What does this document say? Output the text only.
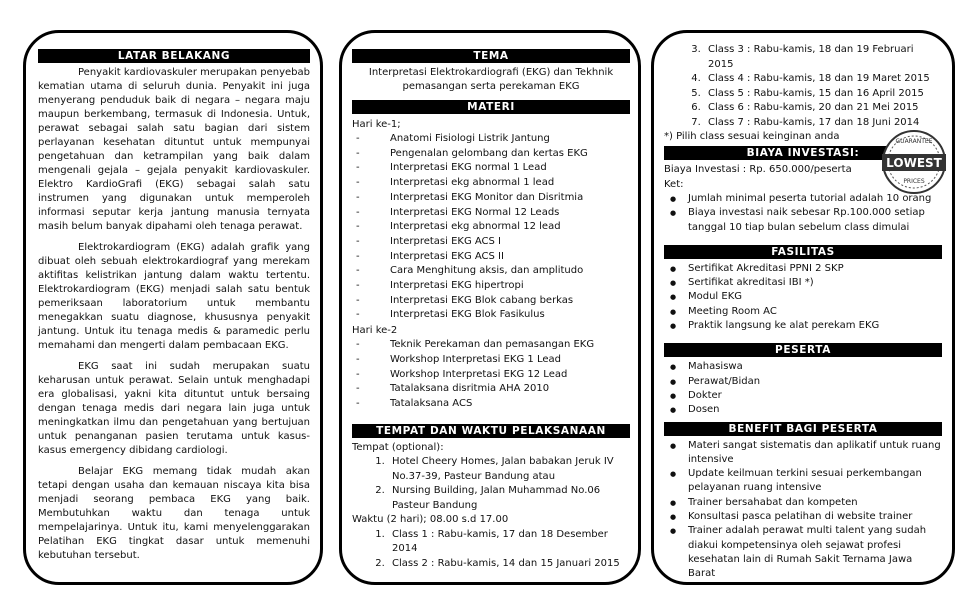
LATAR BELAKANG

Penyakit kardiovaskuler merupakan penyebab kematian utama di seluruh dunia. Penyakit ini juga menyerang penduduk baik di negara – negara maju maupun berkembang, termasuk di Indonesia. Untuk, perawat sebagai salah satu bagian dari sistem perlayanan kesehatan dituntut untuk mempunyai pengetahuan dan ketrampilan yang baik dalam mengenali gejala – gejala penyakit kardiovaskuler. Elektro KardioGrafi (EKG) sebagai salah satu instrumen yang digunakan untuk memperoleh informasi seputar kerja jantung manusia ternyata masih belum banyak dipahami oleh tenaga perawat.

Elektrokardiogram (EKG) adalah grafik yang dibuat oleh sebuah elektrokardiograf yang merekam aktifitas kelistrikan jantung dalam waktu tertentu. Elektrokardiogram (EKG) menjadi salah satu bentuk pemeriksaan laboratorium untuk membantu menegakkan suatu diagnose, khususnya penyakit jantung. Untuk itu tenaga medis & paramedic perlu memahami dan mengerti dalam pembacaan EKG.

EKG saat ini sudah merupakan suatu keharusan untuk perawat. Selain untuk menghadapi era globalisasi, yakni kita dituntut untuk bersaing dengan tenaga medis dari negara lain juga untuk meningkatkan ilmu dan pengetahuan yang bertujuan untuk penanganan pasien terutama untuk kasus- kasus emergency dibidang cardiologi.

Belajar EKG memang tidak mudah akan tetapi dengan usaha dan kemauan niscaya kita bisa menjadi seorang pembaca EKG yang baik. Membutuhkan waktu dan tenaga untuk mempelajarinya. Untuk itu, kami menyelenggarakan Pelatihan EKG tingkat dasar untuk memenuhi kebutuhan tersebut.

TEMA

Interpretasi Elektrokardiografi (EKG) dan Tekhnik pemasangan serta perekaman EKG

MATERI

Hari ke-1;

- Anatomi Fisiologi Listrik Jantung
- Pengenalan gelombang dan kertas EKG
- Interpretasi EKG normal 1 Lead
- Interpretasi ekg abnormal 1 lead
- Interpretasi EKG Monitor dan Disritmia
- Interpretasi EKG Normal 12 Leads
- Interpretasi ekg abnormal 12 lead
- Interpretasi EKG ACS I
- Interpretasi EKG ACS II
- Cara Menghitung aksis, dan amplitudo
- Interpretasi EKG hipertropi
- Interpretasi EKG Blok cabang berkas
- Interpretasi EKG Blok Fasikulus

Hari ke-2

- Teknik Perekaman dan pemasangan EKG
- Workshop Interpretasi EKG 1 Lead
- Workshop Interpretasi EKG 12 Lead
- Tatalaksana disritmia AHA 2010
- Tatalaksana ACS
TEMPAT DAN WAKTU PELAKSANAAN

Tempat (optional):

1. Hotel Cheery Homes, Jalan babakan Jeruk IV No.37-39, Pasteur Bandung atau
2. Nursing Building, Jalan Muhammad No.06 Pasteur Bandung

Waktu (2 hari); 08.00 s.d 17.00

1. Class 1 : Rabu-kamis, 17 dan 18 Desember 2014
2. Class 2 : Rabu-kamis, 14 dan 15 Januari 2015
3. Class 3 : Rabu-kamis, 18 dan 19 Februari 2015
4. Class 4 : Rabu-kamis, 18 dan 19 Maret 2015
5. Class 5 : Rabu-kamis, 15 dan 16 April 2015
6. Class 6 : Rabu-kamis, 20 dan 21 Mei 2015
7. Class 7 : Rabu-kamis, 17 dan 18 Juni 2014

*) Pilih class sesuai keinginan anda

BIAYA INVESTASI:

Biaya Investasi : Rp. 650.000/peserta

Ket:

● Jumlah minimal peserta tutorial adalah 10 orang
● Biaya investasi naik sebesar Rp.100.000 setiap tanggal 10 tiap bulan sebelum class dimulai
FASILITAS
● Sertifikat Akreditasi PPNI 2 SKP
● Sertifikat akreditasi IBI *)
● Modul EKG
● Meeting Room AC
● Praktik langsung ke alat perekam EKG
PESERTA
● Mahasiswa
● Perawat/Bidan
● Dokter
● Dosen
BENEFIT BAGI PESERTA
● Materi sangat sistematis dan aplikatif untuk ruang intensive
● Update keilmuan terkini sesuai perkembangan pelayanan ruang intensive
● Trainer bersahabat dan kompeten
● Konsultasi pasca pelatihan di website trainer
● Trainer adalah perawat multi talent yang sudah diakui kompetensinya oleh sejawat profesi kesehatan lain di Rumah Sakit Ternama Jawa Barat
GUARANTEE
LOWEST
PRICES
